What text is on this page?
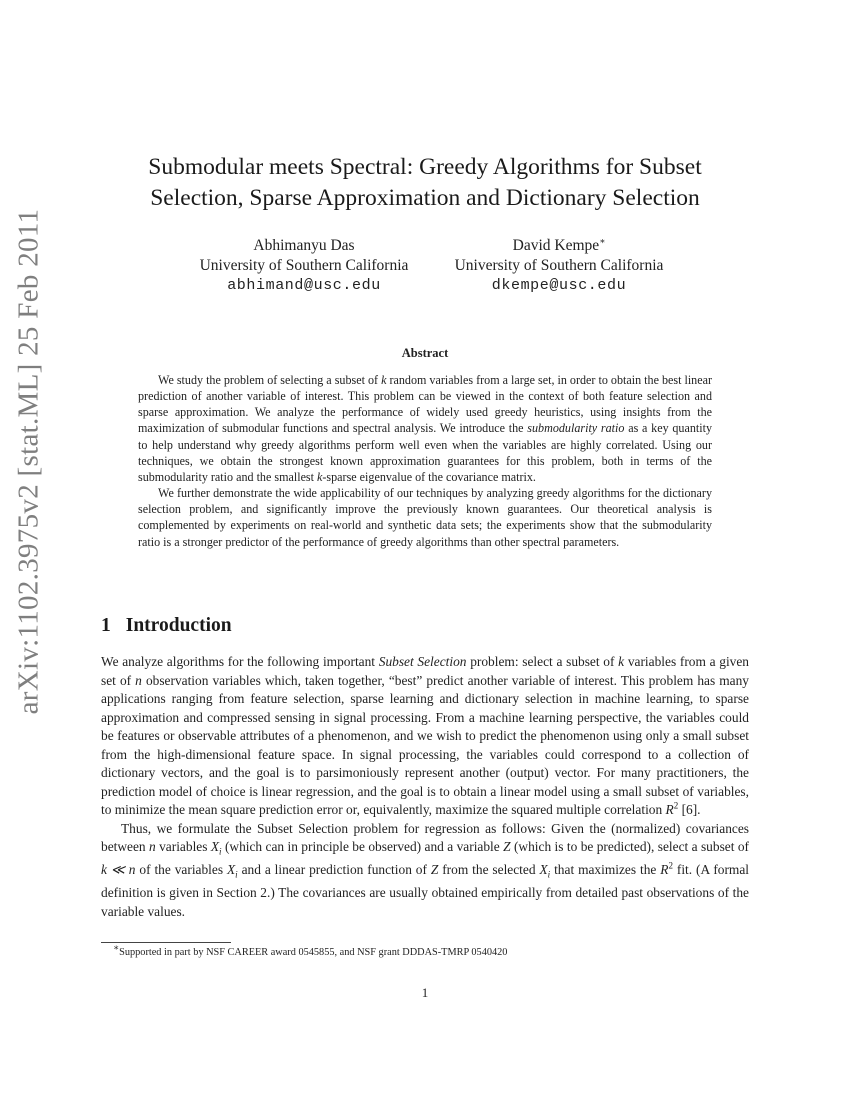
arXiv:1102.3975v2 [stat.ML] 25 Feb 2011
Submodular meets Spectral: Greedy Algorithms for Subset Selection, Sparse Approximation and Dictionary Selection
Abhimanyu Das
University of Southern California
abhimand@usc.edu
David Kempe∗
University of Southern California
dkempe@usc.edu
Abstract

We study the problem of selecting a subset of k random variables from a large set, in order to obtain the best linear prediction of another variable of interest. This problem can be viewed in the context of both feature selection and sparse approximation. We analyze the performance of widely used greedy heuristics, using insights from the maximization of submodular functions and spectral analysis. We introduce the submodularity ratio as a key quantity to help understand why greedy algorithms perform well even when the variables are highly correlated. Using our techniques, we obtain the strongest known approximation guarantees for this problem, both in terms of the submodularity ratio and the smallest k-sparse eigenvalue of the covariance matrix.

We further demonstrate the wide applicability of our techniques by analyzing greedy algorithms for the dictionary selection problem, and significantly improve the previously known guarantees. Our theoretical analysis is complemented by experiments on real-world and synthetic data sets; the experiments show that the submodularity ratio is a stronger predictor of the performance of greedy algorithms than other spectral parameters.

1 Introduction

We analyze algorithms for the following important Subset Selection problem: select a subset of k variables from a given set of n observation variables which, taken together, “best” predict another variable of interest. This problem has many applications ranging from feature selection, sparse learning and dictionary selection in machine learning, to sparse approximation and compressed sensing in signal processing. From a machine learning perspective, the variables could be features or observable attributes of a phenomenon, and we wish to predict the phenomenon using only a small subset from the high-dimensional feature space. In signal processing, the variables could correspond to a collection of dictionary vectors, and the goal is to parsimoniously represent another (output) vector. For many practitioners, the prediction model of choice is linear regression, and the goal is to obtain a linear model using a small subset of variables, to minimize the mean square prediction error or, equivalently, maximize the squared multiple correlation $R^2$ [6].

Thus, we formulate the Subset Selection problem for regression as follows: Given the (normalized) covariances between n variables $X_i$ (which can in principle be observed) and a variable Z (which is to be predicted), select a subset of k ≪ n of the variables $X_i$ and a linear prediction function of Z from the selected $X_i$ that maximizes the $R^2$ fit. (A formal definition is given in Section 2.) The covariances are usually obtained empirically from detailed past observations of the variable values.

∗Supported in part by NSF CAREER award 0545855, and NSF grant DDDAS-TMRP 0540420
1
